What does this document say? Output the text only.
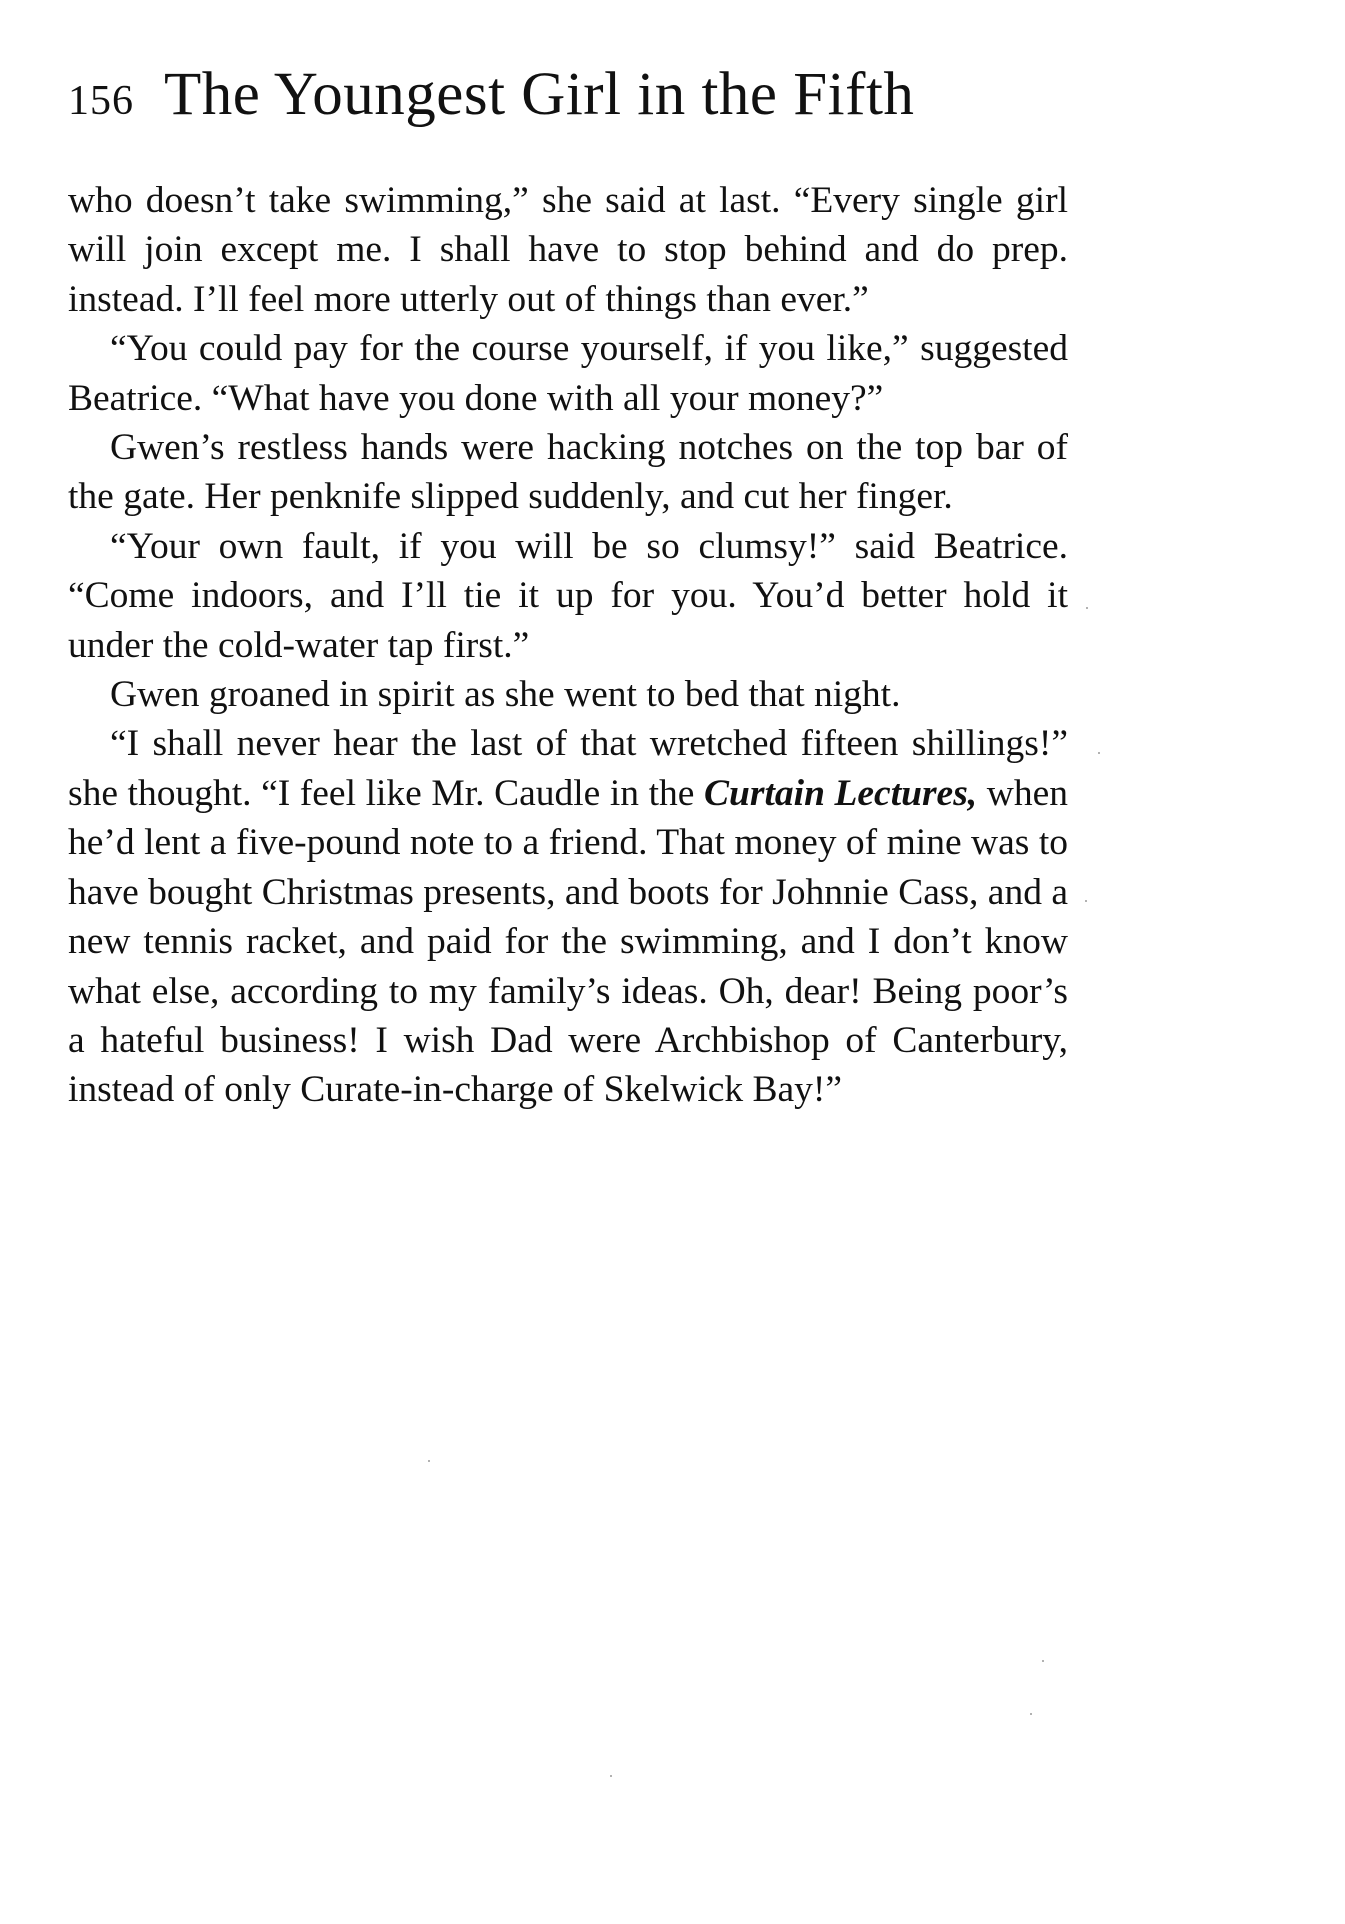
156 The Youngest Girl in the Fifth

who doesn’t take swimming,” she said at last. “Every single girl will join except me. I shall have to stop behind and do prep. instead. I’ll feel more utterly out of things than ever.”

“You could pay for the course yourself, if you like,” suggested Beatrice. “What have you done with all your money?”

Gwen’s restless hands were hacking notches on the top bar of the gate. Her penknife slipped suddenly, and cut her finger.

“Your own fault, if you will be so clumsy!” said Beatrice. “Come indoors, and I’ll tie it up for you. You’d better hold it under the cold-water tap first.”

Gwen groaned in spirit as she went to bed that night.

“I shall never hear the last of that wretched fifteen shillings!” she thought. “I feel like Mr. Caudle in the Curtain Lectures, when he’d lent a five-pound note to a friend. That money of mine was to have bought Christmas presents, and boots for Johnnie Cass, and a new tennis racket, and paid for the swimming, and I don’t know what else, according to my family’s ideas. Oh, dear! Being poor’s a hateful business! I wish Dad were Archbishop of Canterbury, instead of only Curate-in-charge of Skelwick Bay!”
